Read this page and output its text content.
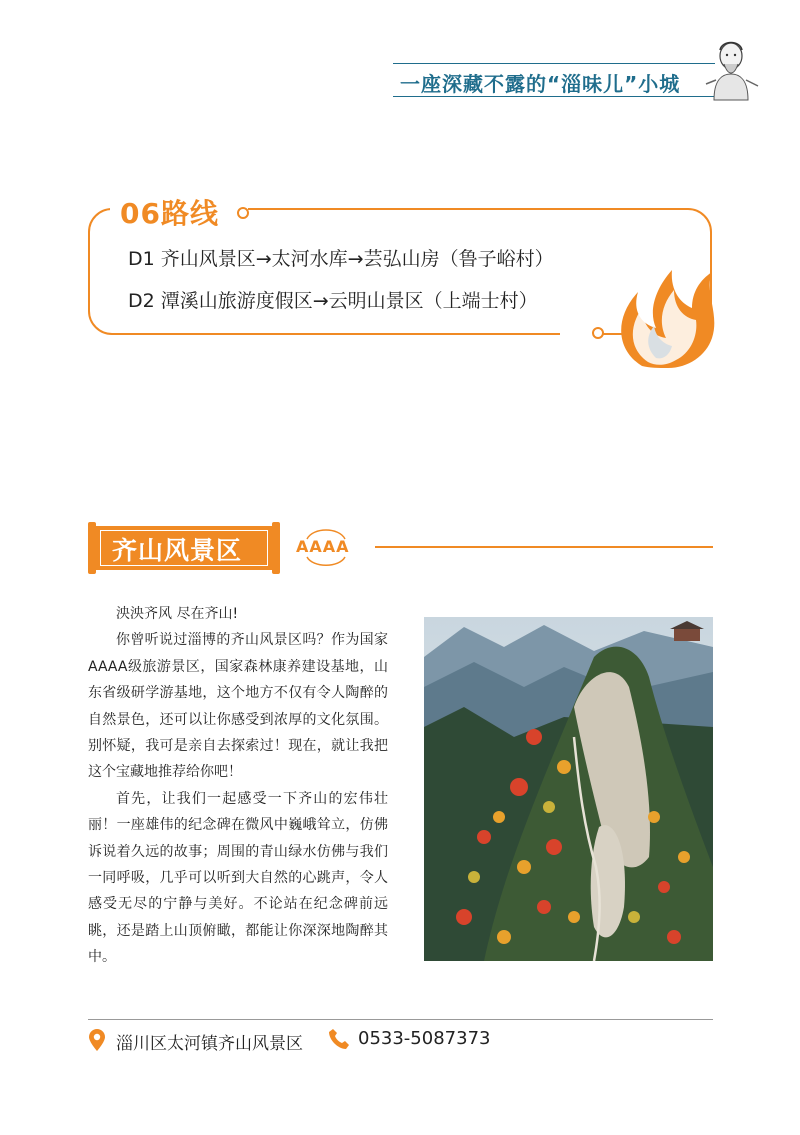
一座深藏不露的“淄味儿”小城
06路线
D1 齐山风景区→太河水库→芸弘山房（鲁子峪村）
D2 潭溪山旅游度假区→云明山景区（上端士村）
齐山风景区	AAAA

泱泱齐风 尽在齐山!

你曾听说过淄博的齐山风景区吗？作为国家AAAA级旅游景区，国家森林康养建设基地，山东省级研学游基地，这个地方不仅有令人陶醉的自然景色，还可以让你感受到浓厚的文化氛围。别怀疑，我可是亲自去探索过！现在，就让我把这个宝藏地推荐给你吧！

首先，让我们一起感受一下齐山的宏伟壮丽！一座雄伟的纪念碑在微风中巍峨耸立，仿佛诉说着久远的故事；周围的青山绿水仿佛与我们一同呼吸，几乎可以听到大自然的心跳声，令人感受无尽的宁静与美好。不论站在纪念碑前远眺，还是踏上山顶俯瞰，都能让你深深地陶醉其中。

淄川区太河镇齐山风景区	0533-5087373
